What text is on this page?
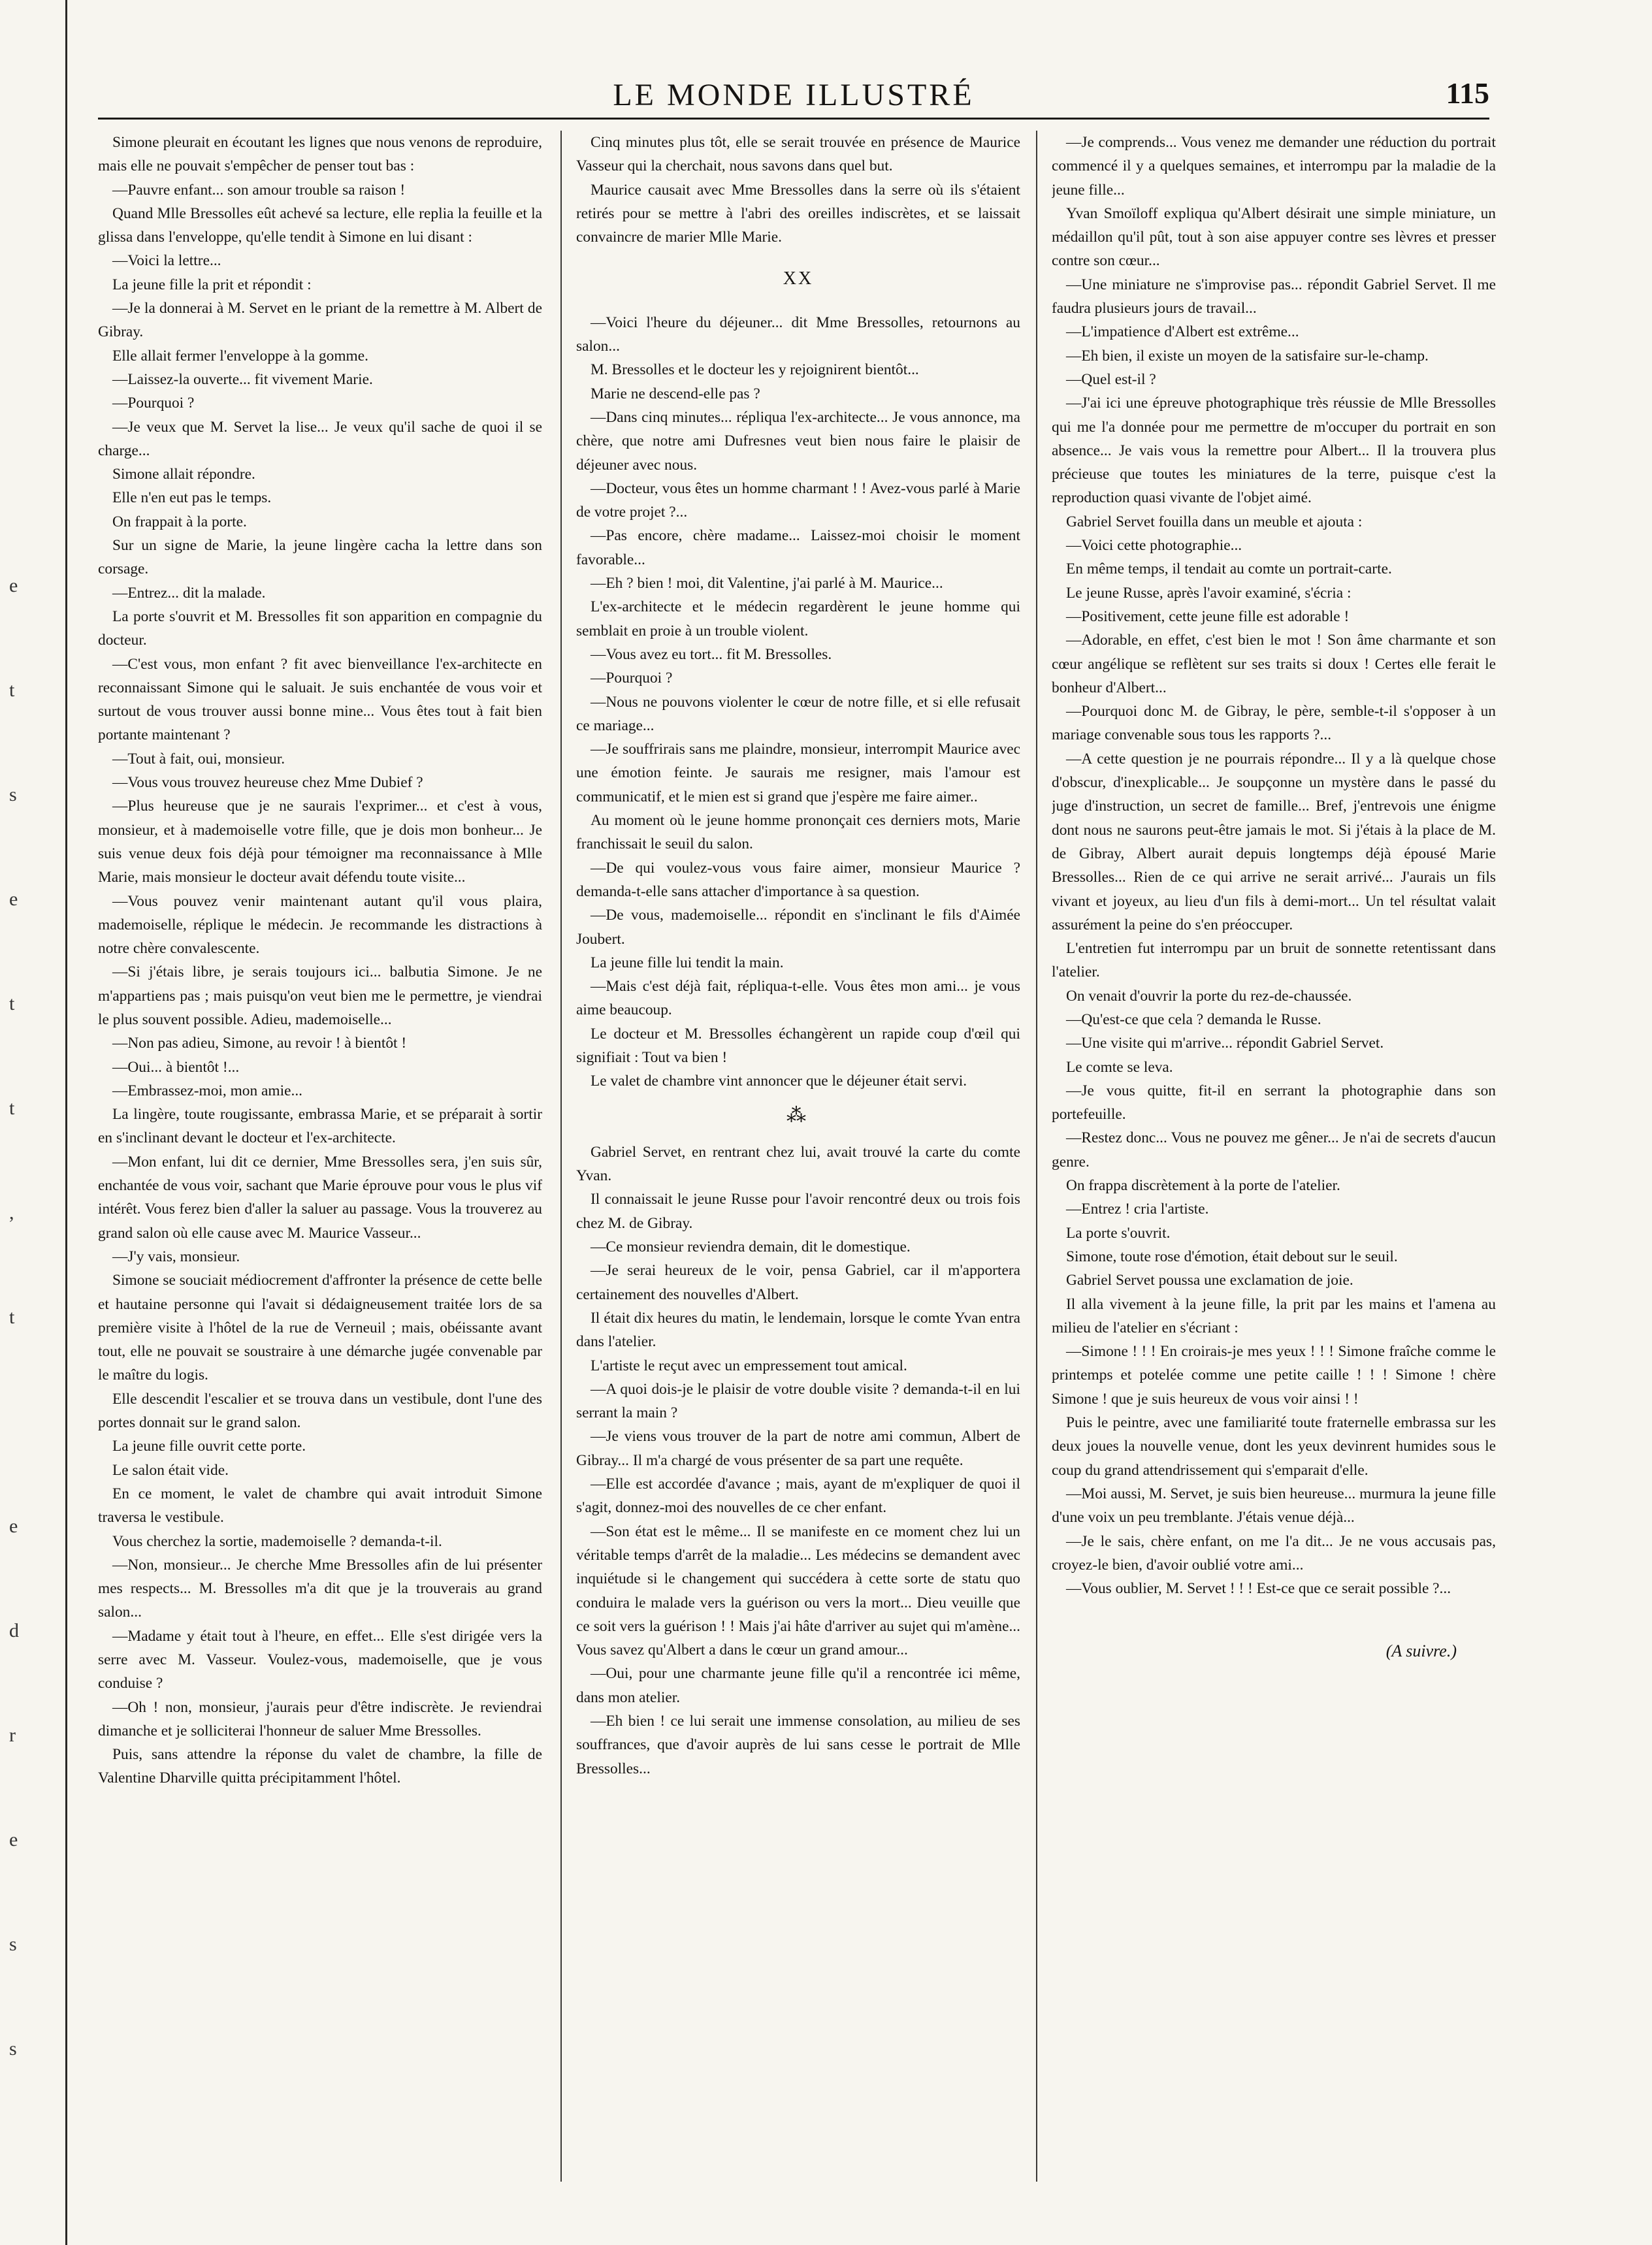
e
t
s
e
t
t
,
t
e
d
r
e
s
s
LE MONDE ILLUSTRÉ	115

Simone pleurait en écoutant les lignes que nous venons de reproduire, mais elle ne pouvait s'empêcher de penser tout bas :

—Pauvre enfant... son amour trouble sa raison !

Quand Mlle Bressolles eût achevé sa lecture, elle replia la feuille et la glissa dans l'enveloppe, qu'elle tendit à Simone en lui disant :

—Voici la lettre...

La jeune fille la prit et répondit :

—Je la donnerai à M. Servet en le priant de la remettre à M. Albert de Gibray.

Elle allait fermer l'enveloppe à la gomme.

—Laissez-la ouverte... fit vivement Marie.

—Pourquoi ?

—Je veux que M. Servet la lise... Je veux qu'il sache de quoi il se charge...

Simone allait répondre.

Elle n'en eut pas le temps.

On frappait à la porte.

Sur un signe de Marie, la jeune lingère cacha la lettre dans son corsage.

—Entrez... dit la malade.

La porte s'ouvrit et M. Bressolles fit son apparition en compagnie du docteur.

—C'est vous, mon enfant ? fit avec bienveillance l'ex-architecte en reconnaissant Simone qui le saluait. Je suis enchantée de vous voir et surtout de vous trouver aussi bonne mine... Vous êtes tout à fait bien portante maintenant ?

—Tout à fait, oui, monsieur.

—Vous vous trouvez heureuse chez Mme Dubief ?

—Plus heureuse que je ne saurais l'exprimer... et c'est à vous, monsieur, et à mademoiselle votre fille, que je dois mon bonheur... Je suis venue deux fois déjà pour témoigner ma reconnaissance à Mlle Marie, mais monsieur le docteur avait défendu toute visite...

—Vous pouvez venir maintenant autant qu'il vous plaira, mademoiselle, réplique le médecin. Je recommande les distractions à notre chère convalescente.

—Si j'étais libre, je serais toujours ici... balbutia Simone. Je ne m'appartiens pas ; mais puisqu'on veut bien me le permettre, je viendrai le plus souvent possible. Adieu, mademoiselle...

—Non pas adieu, Simone, au revoir ! à bientôt !

—Oui... à bientôt !...

—Embrassez-moi, mon amie...

La lingère, toute rougissante, embrassa Marie, et se préparait à sortir en s'inclinant devant le docteur et l'ex-architecte.

—Mon enfant, lui dit ce dernier, Mme Bressolles sera, j'en suis sûr, enchantée de vous voir, sachant que Marie éprouve pour vous le plus vif intérêt. Vous ferez bien d'aller la saluer au passage. Vous la trouverez au grand salon où elle cause avec M. Maurice Vasseur...

—J'y vais, monsieur.

Simone se souciait médiocrement d'affronter la présence de cette belle et hautaine personne qui l'avait si dédaigneusement traitée lors de sa première visite à l'hôtel de la rue de Verneuil ; mais, obéissante avant tout, elle ne pouvait se soustraire à une démarche jugée convenable par le maître du logis.

Elle descendit l'escalier et se trouva dans un vestibule, dont l'une des portes donnait sur le grand salon.

La jeune fille ouvrit cette porte.

Le salon était vide.

En ce moment, le valet de chambre qui avait introduit Simone traversa le vestibule.

Vous cherchez la sortie, mademoiselle ? demanda-t-il.

—Non, monsieur... Je cherche Mme Bressolles afin de lui présenter mes respects... M. Bressolles m'a dit que je la trouverais au grand salon...

—Madame y était tout à l'heure, en effet... Elle s'est dirigée vers la serre avec M. Vasseur. Voulez-vous, mademoiselle, que je vous conduise ?

—Oh ! non, monsieur, j'aurais peur d'être indiscrète. Je reviendrai dimanche et je solliciterai l'honneur de saluer Mme Bressolles.

Puis, sans attendre la réponse du valet de chambre, la fille de Valentine Dharville quitta précipitamment l'hôtel.

Cinq minutes plus tôt, elle se serait trouvée en présence de Maurice Vasseur qui la cherchait, nous savons dans quel but.

Maurice causait avec Mme Bressolles dans la serre où ils s'étaient retirés pour se mettre à l'abri des oreilles indiscrètes, et se laissait convaincre de marier Mlle Marie.

XX

—Voici l'heure du déjeuner... dit Mme Bressolles, retournons au salon...

M. Bressolles et le docteur les y rejoignirent bientôt...

Marie ne descend-elle pas ?

—Dans cinq minutes... répliqua l'ex-architecte... Je vous annonce, ma chère, que notre ami Dufresnes veut bien nous faire le plaisir de déjeuner avec nous.

—Docteur, vous êtes un homme charmant ! ! Avez-vous parlé à Marie de votre projet ?...

—Pas encore, chère madame... Laissez-moi choisir le moment favorable...

—Eh ? bien ! moi, dit Valentine, j'ai parlé à M. Maurice...

L'ex-architecte et le médecin regardèrent le jeune homme qui semblait en proie à un trouble violent.

—Vous avez eu tort... fit M. Bressolles.

—Pourquoi ?

—Nous ne pouvons violenter le cœur de notre fille, et si elle refusait ce mariage...

—Je souffrirais sans me plaindre, monsieur, interrompit Maurice avec une émotion feinte. Je saurais me resigner, mais l'amour est communicatif, et le mien est si grand que j'espère me faire aimer..

Au moment où le jeune homme prononçait ces derniers mots, Marie franchissait le seuil du salon.

—De qui voulez-vous vous faire aimer, monsieur Maurice ? demanda-t-elle sans attacher d'importance à sa question.

—De vous, mademoiselle... répondit en s'inclinant le fils d'Aimée Joubert.

La jeune fille lui tendit la main.

—Mais c'est déjà fait, répliqua-t-elle. Vous êtes mon ami... je vous aime beaucoup.

Le docteur et M. Bressolles échangèrent un rapide coup d'œil qui signifiait : Tout va bien !

Le valet de chambre vint annoncer que le déjeuner était servi.

⁂

Gabriel Servet, en rentrant chez lui, avait trouvé la carte du comte Yvan.

Il connaissait le jeune Russe pour l'avoir rencontré deux ou trois fois chez M. de Gibray.

—Ce monsieur reviendra demain, dit le domestique.

—Je serai heureux de le voir, pensa Gabriel, car il m'apportera certainement des nouvelles d'Albert.

Il était dix heures du matin, le lendemain, lorsque le comte Yvan entra dans l'atelier.

L'artiste le reçut avec un empressement tout amical.

—A quoi dois-je le plaisir de votre double visite ? demanda-t-il en lui serrant la main ?

—Je viens vous trouver de la part de notre ami commun, Albert de Gibray... Il m'a chargé de vous présenter de sa part une requête.

—Elle est accordée d'avance ; mais, ayant de m'expliquer de quoi il s'agit, donnez-moi des nouvelles de ce cher enfant.

—Son état est le même... Il se manifeste en ce moment chez lui un véritable temps d'arrêt de la maladie... Les médecins se demandent avec inquiétude si le changement qui succédera à cette sorte de statu quo conduira le malade vers la guérison ou vers la mort... Dieu veuille que ce soit vers la guérison ! ! Mais j'ai hâte d'arriver au sujet qui m'amène... Vous savez qu'Albert a dans le cœur un grand amour...

—Oui, pour une charmante jeune fille qu'il a rencontrée ici même, dans mon atelier.

—Eh bien ! ce lui serait une immense consolation, au milieu de ses souffrances, que d'avoir auprès de lui sans cesse le portrait de Mlle Bressolles...

—Je comprends... Vous venez me demander une réduction du portrait commencé il y a quelques semaines, et interrompu par la maladie de la jeune fille...

Yvan Smoïloff expliqua qu'Albert désirait une simple miniature, un médaillon qu'il pût, tout à son aise appuyer contre ses lèvres et presser contre son cœur...

—Une miniature ne s'improvise pas... répondit Gabriel Servet. Il me faudra plusieurs jours de travail...

—L'impatience d'Albert est extrême...

—Eh bien, il existe un moyen de la satisfaire sur-le-champ.

—Quel est-il ?

—J'ai ici une épreuve photographique très réussie de Mlle Bressolles qui me l'a donnée pour me permettre de m'occuper du portrait en son absence... Je vais vous la remettre pour Albert... Il la trouvera plus précieuse que toutes les miniatures de la terre, puisque c'est la reproduction quasi vivante de l'objet aimé.

Gabriel Servet fouilla dans un meuble et ajouta :

—Voici cette photographie...

En même temps, il tendait au comte un portrait-carte.

Le jeune Russe, après l'avoir examiné, s'écria :

—Positivement, cette jeune fille est adorable !

—Adorable, en effet, c'est bien le mot ! Son âme charmante et son cœur angélique se reflètent sur ses traits si doux ! Certes elle ferait le bonheur d'Albert...

—Pourquoi donc M. de Gibray, le père, semble-t-il s'opposer à un mariage convenable sous tous les rapports ?...

—A cette question je ne pourrais répondre... Il y a là quelque chose d'obscur, d'inexplicable... Je soupçonne un mystère dans le passé du juge d'instruction, un secret de famille... Bref, j'entrevois une énigme dont nous ne saurons peut-être jamais le mot. Si j'étais à la place de M. de Gibray, Albert aurait depuis longtemps déjà épousé Marie Bressolles... Rien de ce qui arrive ne serait arrivé... J'aurais un fils vivant et joyeux, au lieu d'un fils à demi-mort... Un tel résultat valait assurément la peine do s'en préoccuper.

L'entretien fut interrompu par un bruit de sonnette retentissant dans l'atelier.

On venait d'ouvrir la porte du rez-de-chaussée.

—Qu'est-ce que cela ? demanda le Russe.

—Une visite qui m'arrive... répondit Gabriel Servet.

Le comte se leva.

—Je vous quitte, fit-il en serrant la photographie dans son portefeuille.

—Restez donc... Vous ne pouvez me gêner... Je n'ai de secrets d'aucun genre.

On frappa discrètement à la porte de l'atelier.

—Entrez ! cria l'artiste.

La porte s'ouvrit.

Simone, toute rose d'émotion, était debout sur le seuil.

Gabriel Servet poussa une exclamation de joie.

Il alla vivement à la jeune fille, la prit par les mains et l'amena au milieu de l'atelier en s'écriant :

—Simone ! ! ! En croirais-je mes yeux ! ! ! Simone fraîche comme le printemps et potelée comme une petite caille ! ! ! Simone ! chère Simone ! que je suis heureux de vous voir ainsi ! !

Puis le peintre, avec une familiarité toute fraternelle embrassa sur les deux joues la nouvelle venue, dont les yeux devinrent humides sous le coup du grand attendrissement qui s'emparait d'elle.

—Moi aussi, M. Servet, je suis bien heureuse... murmura la jeune fille d'une voix un peu tremblante. J'étais venue déjà...

—Je le sais, chère enfant, on me l'a dit... Je ne vous accusais pas, croyez-le bien, d'avoir oublié votre ami...

—Vous oublier, M. Servet ! ! ! Est-ce que ce serait possible ?...

(A suivre.)
